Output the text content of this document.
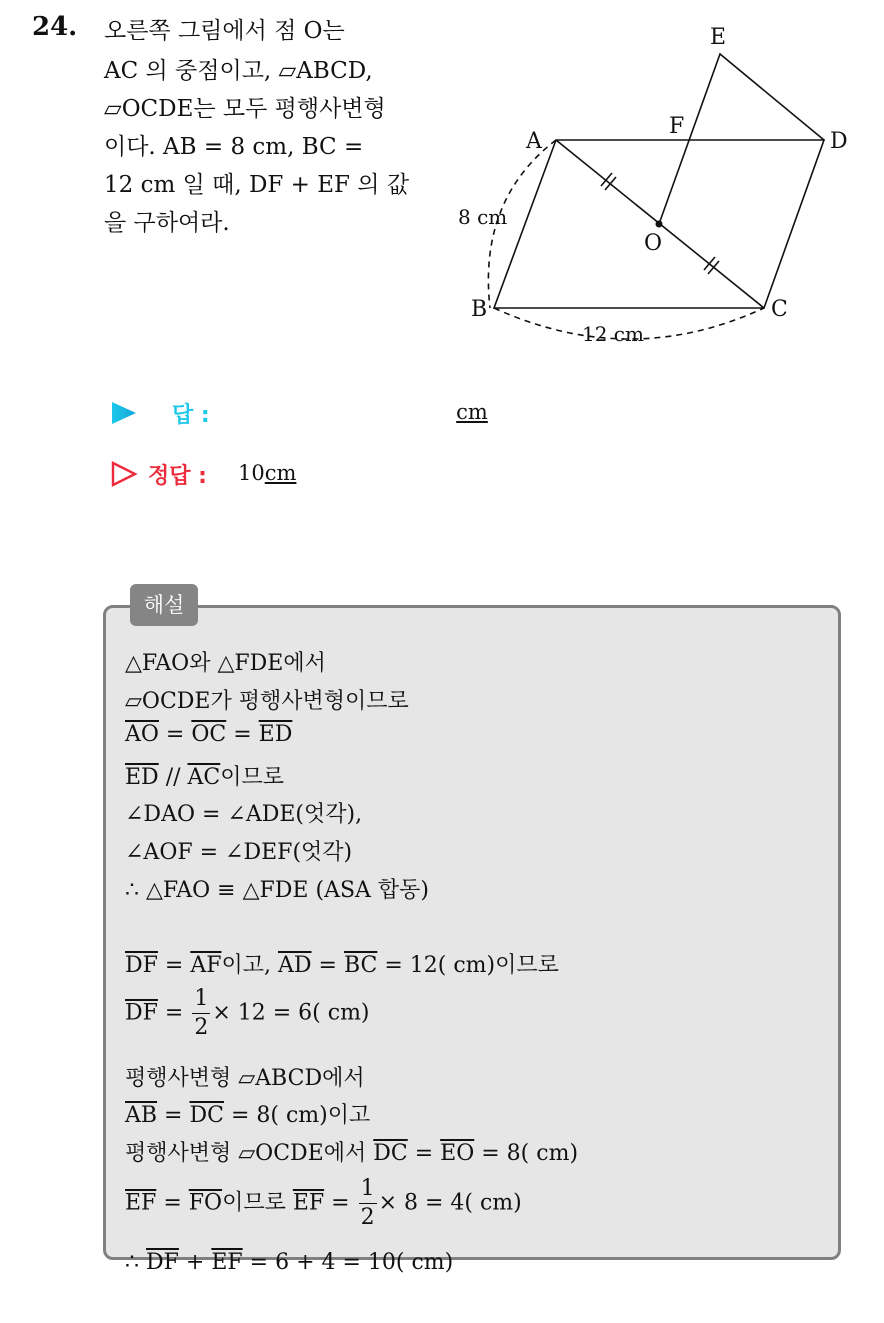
24. 오른쪽 그림에서 점 O는
AC 의 중점이고, ▱ABCD,
▱OCDE는 모두 평행사변형
이다. AB = 8 cm, BC =
12 cm 일 때, DF + EF 의 값
을 구하여라.
A
B	C
D
E
F
O
8 cm
12 cm
답 :	cm
정답 : 10cm
해설
△FAO와 △FDE에서
▱OCDE가 평행사변형이므로
$\overline{AO} = \overline{OC} = \overline{ED}$
$\overline{ED} // \overline{AC}$이므로
∠DAO = ∠ADE(엇각),
∠AOF = ∠DEF(엇각)
∴ △FAO ≡ △FDE (ASA 합동)
$\overline{DF} = \overline{AF}$이고, $\overline{AD} = \overline{BC} = 12$( cm)이므로
$\overline{DF} = \frac{1}{2} \times 12 = 6$( cm)
평행사변형 ▱ABCD에서
$\overline{AB} = \overline{DC} = 8$( cm)이고
평행사변형 ▱OCDE에서 $\overline{DC} = \overline{EO} = 8$( cm)
$\overline{EF} = \overline{FO}$이므로 $\overline{EF} = \frac{1}{2} \times 8 = 4$( cm)
∴ $\overline{DF} + \overline{EF} = 6 + 4 = 10$( cm)
